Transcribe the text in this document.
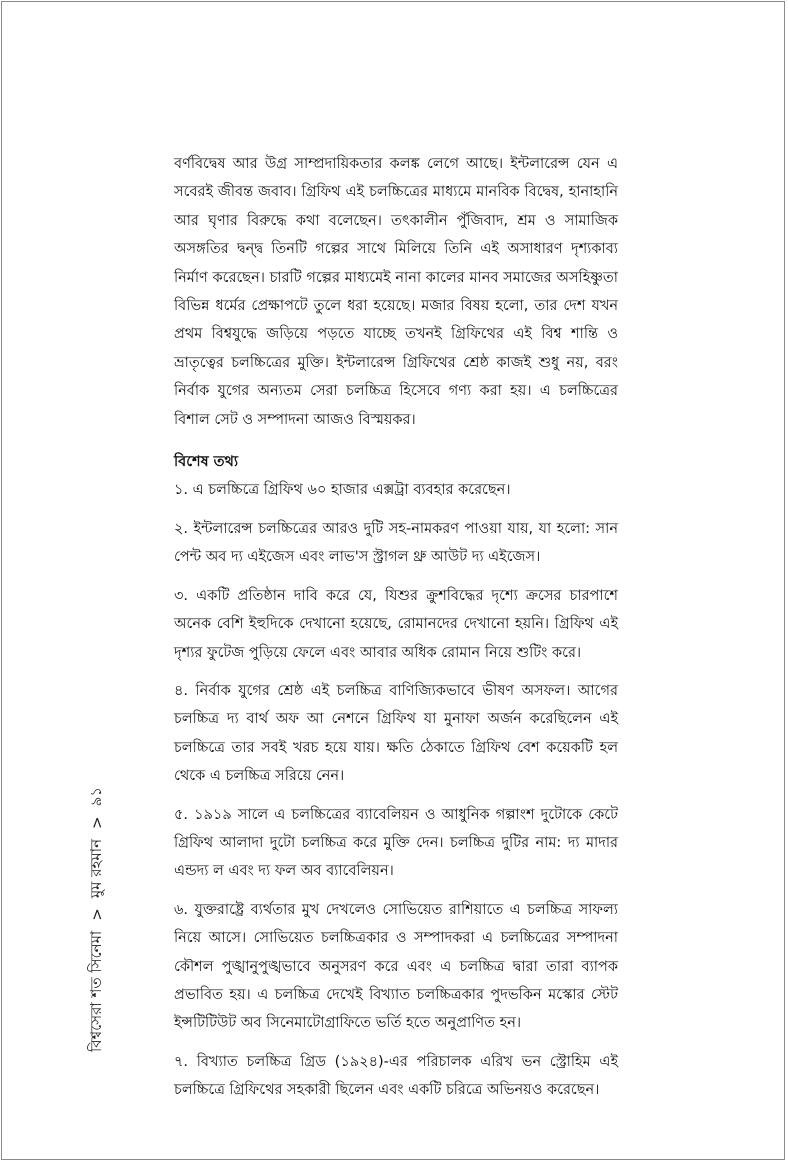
বিশ্বসেরা শত সিনেমা
>
মুম রহমান
>
৯১

বর্ণবিদ্বেষ আর উগ্র সাম্প্রদায়িকতার কলঙ্ক লেগে আছে। ইন্টলারেন্স যেন এ সবেরই জীবন্ত জবাব। গ্রিফিথ এই চলচ্চিত্রের মাধ্যমে মানবিক বিদ্বেষ, হানাহানি আর ঘৃণার বিরুদ্ধে কথা বলেছেন। তৎকালীন পুঁজিবাদ, শ্রম ও সামাজিক অসঙ্গতির দ্বন্দ্ব তিনটি গল্পের সাথে মিলিয়ে তিনি এই অসাধারণ দৃশ্যকাব্য নির্মাণ করেছেন। চারটি গল্পের মাধ্যমেই নানা কালের মানব সমাজের অসহিষ্ণুতা বিভিন্ন ধর্মের প্রেক্ষাপটে তুলে ধরা হয়েছে। মজার বিষয় হলো, তার দেশ যখন প্রথম বিশ্বযুদ্ধে জড়িয়ে পড়তে যাচ্ছে তখনই গ্রিফিথের এই বিশ্ব শান্তি ও ভ্রাতৃত্বের চলচ্চিত্রের মুক্তি। ইন্টলারেন্স গ্রিফিথের শ্রেষ্ঠ কাজই শুধু নয়, বরং নির্বাক যুগের অন্যতম সেরা চলচ্চিত্র হিসেবে গণ্য করা হয়। এ চলচ্চিত্রের বিশাল সেট ও সম্পাদনা আজও বিস্ময়কর।

বিশেষ তথ্য

১. এ চলচ্চিত্রে গ্রিফিথ ৬০ হাজার এক্সট্রা ব্যবহার করেছেন।

২. ইন্টলারেন্স চলচ্চিত্রের আরও দুটি সহ-নামকরণ পাওয়া যায়, যা হলো: সান পেন্ট অব দ্য এইজেস এবং লাভ'স স্ট্রাগল থ্রু আউট দ্য এইজেস।

৩. একটি প্রতিষ্ঠান দাবি করে যে, যিশুর ক্রুশবিদ্ধের দৃশ্যে ক্রসের চারপাশে অনেক বেশি ইহুদিকে দেখানো হয়েছে, রোমানদের দেখানো হয়নি। গ্রিফিথ এই দৃশ্যর ফুটেজ পুড়িয়ে ফেলে এবং আবার অধিক রোমান নিয়ে শুটিং করে।

৪. নির্বাক যুগের শ্রেষ্ঠ এই চলচ্চিত্র বাণিজ্যিকভাবে ভীষণ অসফল। আগের চলচ্চিত্র দ্য বার্থ অফ আ নেশনে গ্রিফিথ যা মুনাফা অর্জন করেছিলেন এই চলচ্চিত্রে তার সবই খরচ হয়ে যায়। ক্ষতি ঠেকাতে গ্রিফিথ বেশ কয়েকটি হল থেকে এ চলচ্চিত্র সরিয়ে নেন।

৫. ১৯১৯ সালে এ চলচ্চিত্রের ব্যাবেলিয়ন ও আধুনিক গল্পাংশ দুটোকে কেটে গ্রিফিথ আলাদা দুটো চলচ্চিত্র করে মুক্তি দেন। চলচ্চিত্র দুটির নাম: দ্য মাদার এন্ডদ্য ল এবং দ্য ফল অব ব্যাবেলিয়ন।

৬. যুক্তরাষ্ট্রে ব্যর্থতার মুখ দেখলেও সোভিয়েত রাশিয়াতে এ চলচ্চিত্র সাফল্য নিয়ে আসে। সোভিয়েত চলচ্চিত্রকার ও সম্পাদকরা এ চলচ্চিত্রের সম্পাদনা কৌশল পুঙ্খানুপুঙ্খভাবে অনুসরণ করে এবং এ চলচ্চিত্র দ্বারা তারা ব্যাপক প্রভাবিত হয়। এ চলচ্চিত্র দেখেই বিখ্যাত চলচ্চিত্রকার পুদভকিন মস্কোর স্টেট ইন্সটিটিউট অব সিনেমাটোগ্রাফিতে ভর্তি হতে অনুপ্রাণিত হন।

৭. বিখ্যাত চলচ্চিত্র গ্রিড (১৯২৪)-এর পরিচালক এরিখ ভন স্ট্রোহিম এই চলচ্চিত্রে গ্রিফিথের সহকারী ছিলেন এবং একটি চরিত্রে অভিনয়ও করেছেন।
